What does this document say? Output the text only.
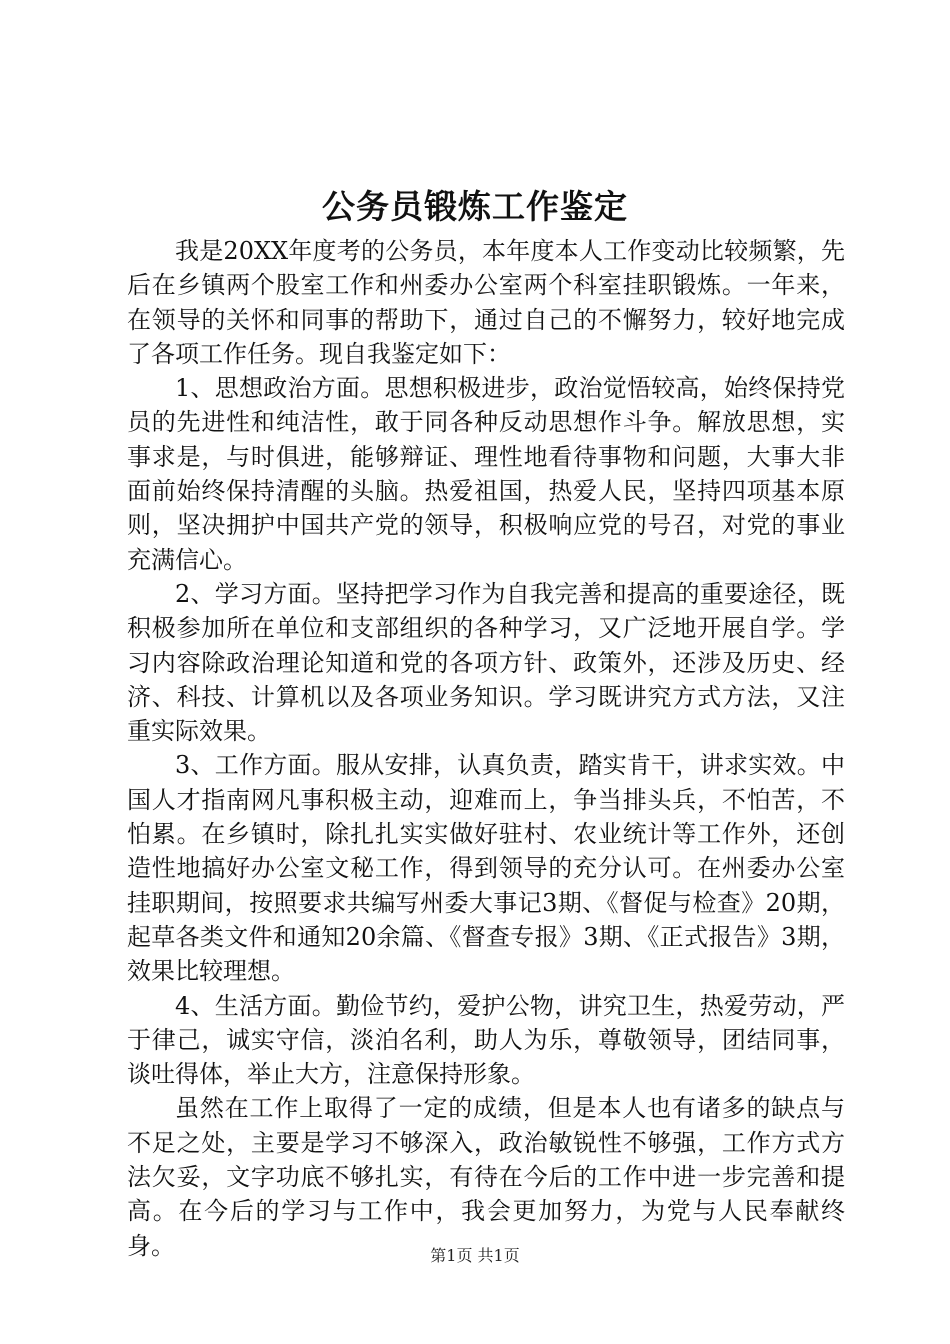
公务员锻炼工作鉴定

我是20XX年度考的公务员，本年度本人工作变动比较频繁，先后在乡镇两个股室工作和州委办公室两个科室挂职锻炼。一年来，在领导的关怀和同事的帮助下，通过自己的不懈努力，较好地完成了各项工作任务。现自我鉴定如下：

1、思想政治方面。思想积极进步，政治觉悟较高，始终保持党员的先进性和纯洁性，敢于同各种反动思想作斗争。解放思想，实事求是，与时俱进，能够辩证、理性地看待事物和问题，大事大非面前始终保持清醒的头脑。热爱祖国，热爱人民，坚持四项基本原则，坚决拥护中国共产党的领导，积极响应党的号召，对党的事业充满信心。

2、学习方面。坚持把学习作为自我完善和提高的重要途径，既积极参加所在单位和支部组织的各种学习，又广泛地开展自学。学习内容除政治理论知道和党的各项方针、政策外，还涉及历史、经济、科技、计算机以及各项业务知识。学习既讲究方式方法，又注重实际效果。

3、工作方面。服从安排，认真负责，踏实肯干，讲求实效。中国人才指南网凡事积极主动，迎难而上，争当排头兵，不怕苦，不怕累。在乡镇时，除扎扎实实做好驻村、农业统计等工作外，还创造性地搞好办公室文秘工作，得到领导的充分认可。在州委办公室挂职期间，按照要求共编写州委大事记3期、《督促与检查》20期，起草各类文件和通知20余篇、《督查专报》3期、《正式报告》3期，效果比较理想。

4、生活方面。勤俭节约，爱护公物，讲究卫生，热爱劳动，严于律己，诚实守信，淡泊名利，助人为乐，尊敬领导，团结同事，谈吐得体，举止大方，注意保持形象。

虽然在工作上取得了一定的成绩，但是本人也有诸多的缺点与不足之处，主要是学习不够深入，政治敏锐性不够强，工作方式方法欠妥，文字功底不够扎实，有待在今后的工作中进一步完善和提高。在今后的学习与工作中，我会更加努力，为党与人民奉献终身。	第1页 共1页
